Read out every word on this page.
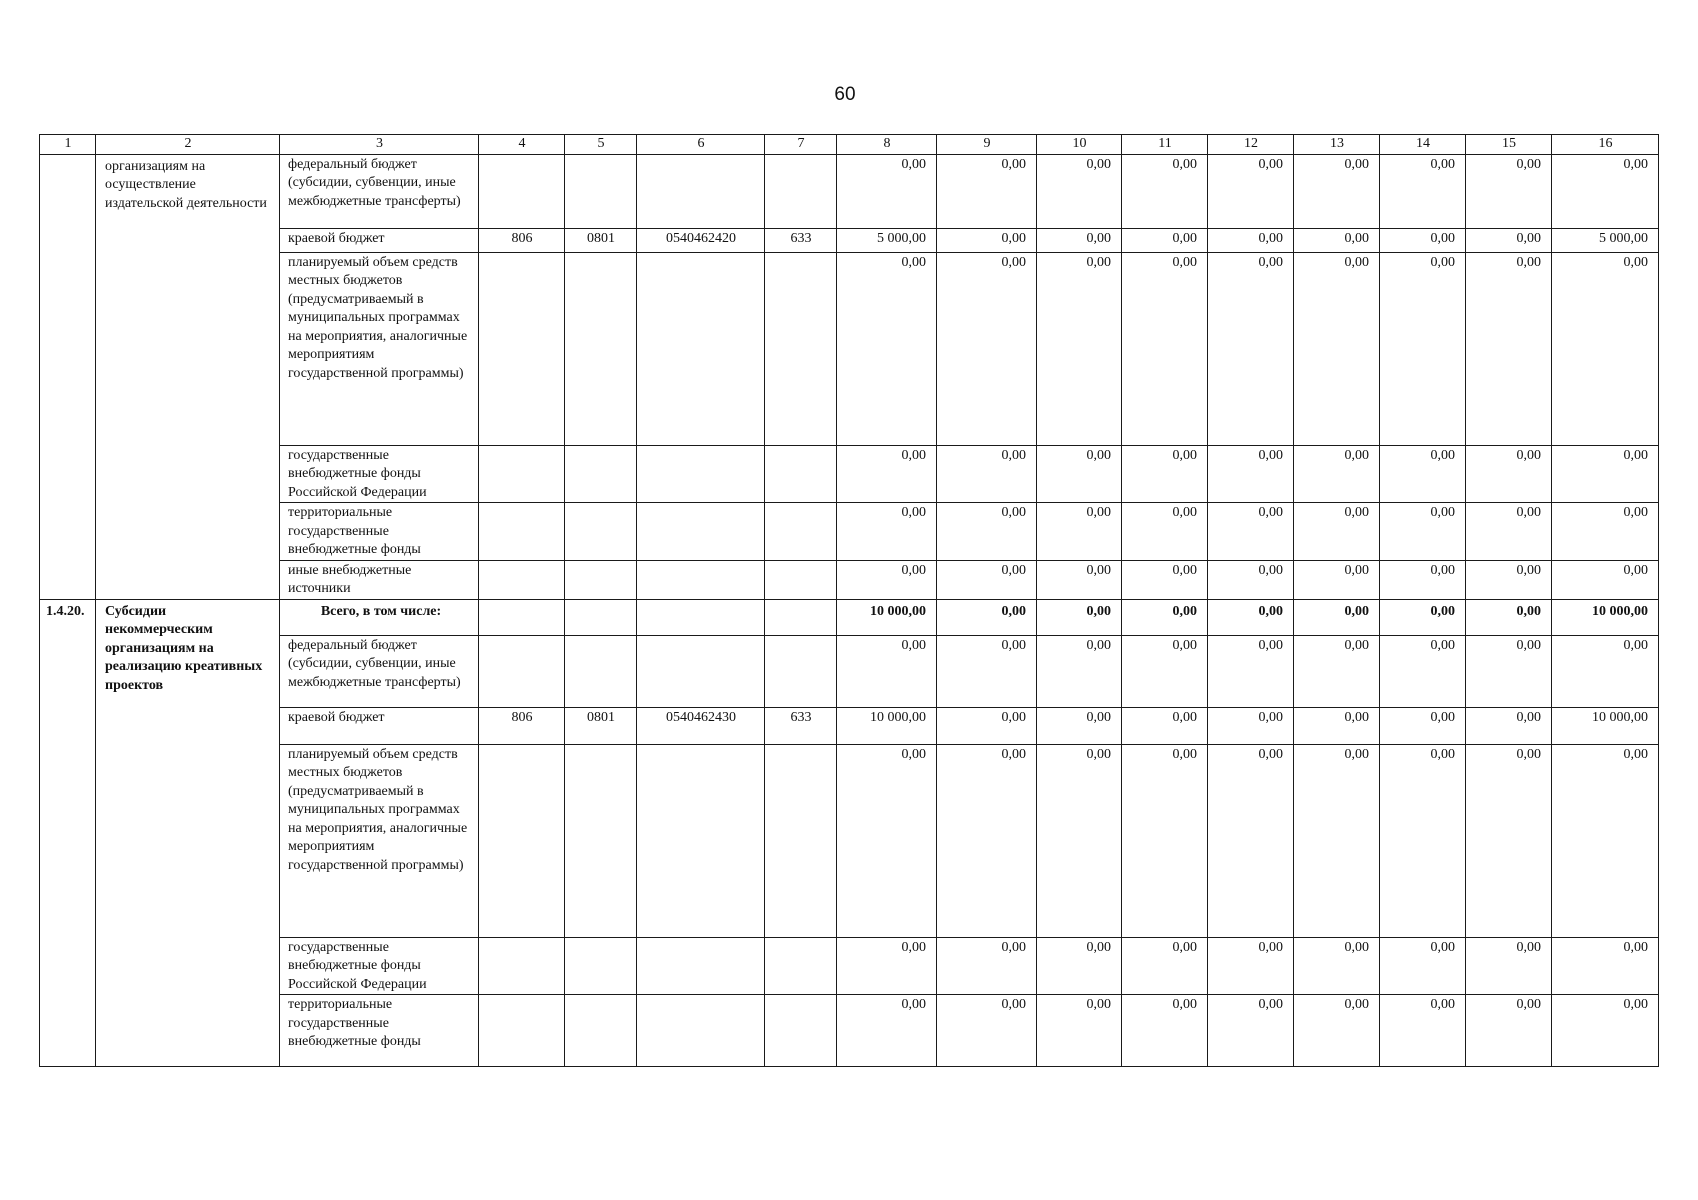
60
1	2	3	4	5	6	7	8	9	10	11	12	13	14	15	16
	организациям на осуществление издательской деятельности	федеральный бюджет (субсидии, субвенции, иные межбюджетные трансферты)					0,00	0,00	0,00	0,00	0,00	0,00	0,00	0,00	0,00
		краевой бюджет	806	0801	0540462420	633	5 000,00	0,00	0,00	0,00	0,00	0,00	0,00	0,00	5 000,00
		планируемый объем средств местных бюджетов (предусматриваемый в муниципальных программах на мероприятия, аналогичные мероприятиям государственной программы)					0,00	0,00	0,00	0,00	0,00	0,00	0,00	0,00	0,00
		государственные внебюджетные фонды Российской Федерации					0,00	0,00	0,00	0,00	0,00	0,00	0,00	0,00	0,00
		территориальные государственные внебюджетные фонды					0,00	0,00	0,00	0,00	0,00	0,00	0,00	0,00	0,00
		иные внебюджетные источники					0,00	0,00	0,00	0,00	0,00	0,00	0,00	0,00	0,00
1.4.20.	Субсидии некоммерческим организациям на реализацию креативных проектов	Всего, в том числе:					10 000,00	0,00	0,00	0,00	0,00	0,00	0,00	0,00	10 000,00
		федеральный бюджет (субсидии, субвенции, иные межбюджетные трансферты)					0,00	0,00	0,00	0,00	0,00	0,00	0,00	0,00	0,00
		краевой бюджет	806	0801	0540462430	633	10 000,00	0,00	0,00	0,00	0,00	0,00	0,00	0,00	10 000,00
		планируемый объем средств местных бюджетов (предусматриваемый в муниципальных программах на мероприятия, аналогичные мероприятиям государственной программы)					0,00	0,00	0,00	0,00	0,00	0,00	0,00	0,00	0,00
		государственные внебюджетные фонды Российской Федерации					0,00	0,00	0,00	0,00	0,00	0,00	0,00	0,00	0,00
		территориальные государственные внебюджетные фонды					0,00	0,00	0,00	0,00	0,00	0,00	0,00	0,00	0,00
